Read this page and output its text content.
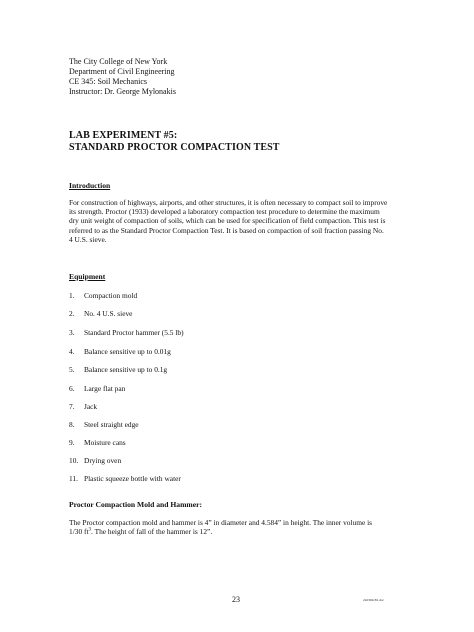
The City College of New York
Department of Civil Engineering
CE 345: Soil Mechanics
Instructor: Dr. George Mylonakis
LAB EXPERIMENT #5:
STANDARD PROCTOR COMPACTION TEST
Introduction
For construction of highways, airports, and other structures, it is often necessary to compact soil to improve
its strength. Proctor (1933) developed a laboratory compaction test procedure to determine the maximum
dry unit weight of compaction of soils, which can be used for specification of field compaction. This test is
referred to as the Standard Proctor Compaction Test. It is based on compaction of soil fraction passing No.
4 U.S. sieve.
Equipment
1. Compaction mold
2. No. 4 U.S. sieve
3. Standard Proctor hammer (5.5 lb)
4. Balance sensitive up to 0.01g
5. Balance sensitive up to 0.1g
6. Large flat pan
7. Jack
8. Steel straight edge
9. Moisture cans
10. Drying oven
11. Plastic squeeze bottle with water
Proctor Compaction Mold and Hammer:
The Proctor compaction mold and hammer is 4” in diameter and 4.584” in height. The inner volume is
1/30 $ft^3$. The height of fall of the hammer is 12”.
23	242304181.doc
